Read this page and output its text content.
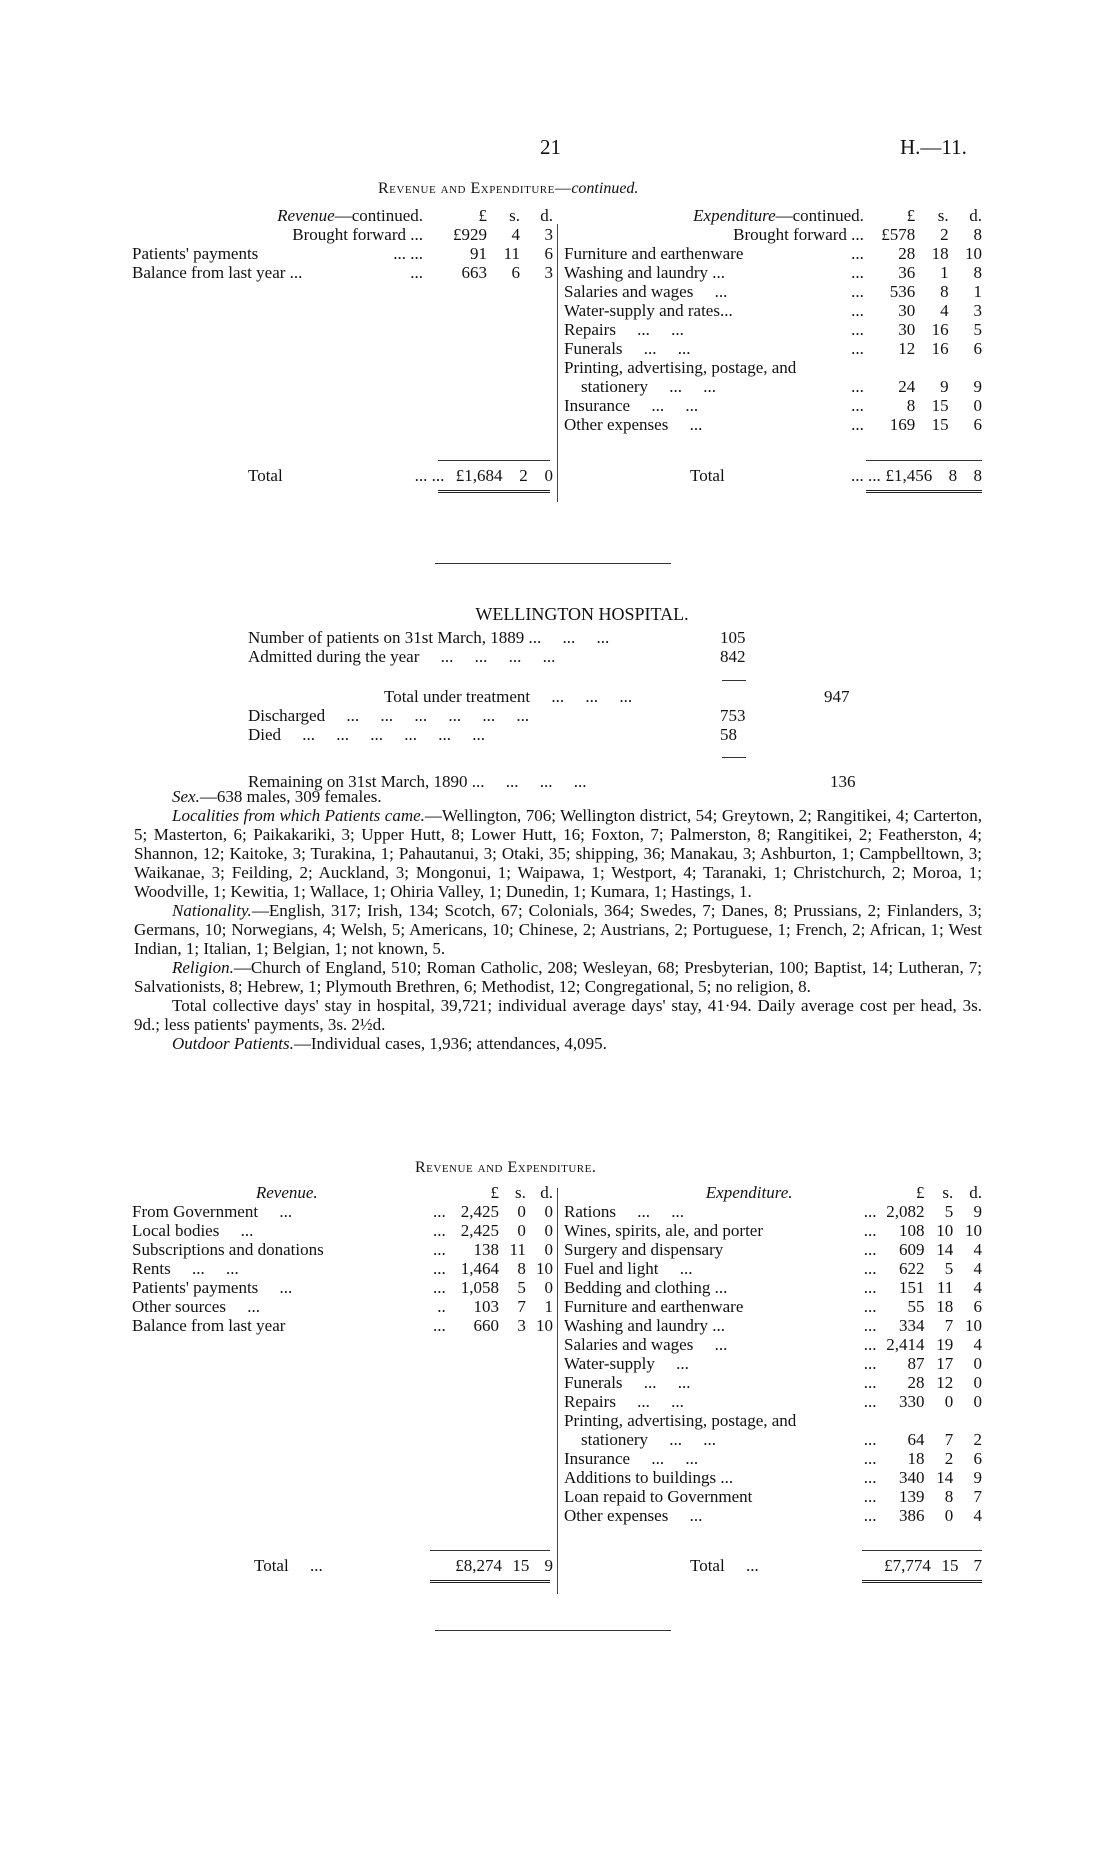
21	H.—11.
Revenue and Expenditure—continued.
Revenue—continued.	£	s.	d.
Brought forward ...	£929	4	3
Patients' payments ... ...	91	11	6
Balance from last year ... ...	663	6	3
Total	... ...	£1,684	2	0
Expenditure—continued.	£	s.	d.
Brought forward ...	£578	2	8
Furniture and earthenware ...	28	18	10
Washing and laundry ... ...	36	1	8
Salaries and wages     ... ...	536	8	1
Water-supply and rates... ...	30	4	3
Repairs     ...     ... ...	30	16	5
Funerals     ...     ... ...	12	16	6
Printing, advertising, postage, and			
stationery     ...     ... ...	24	9	9
Insurance     ...     ... ...	8	15	0
Other expenses     ... ...	169	15	6
Total	... ...	£1,456	8	8
WELLINGTON HOSPITAL.
Number of patients on 31st March, 1889 ...     ...     ...	105
Admitted during the year     ...     ...     ...     ...	842
Total under treatment     ...     ...     ...	947
Discharged     ...     ...     ...     ...     ...     ...	753
Died     ...     ...     ...     ...     ...     ...	58
Remaining on 31st March, 1890 ...     ...     ...     ...	136

Sex.—638 males, 309 females.

Localities from which Patients came.—Wellington, 706; Wellington district, 54; Greytown, 2; Rangitikei, 4; Carterton, 5; Masterton, 6; Paikakariki, 3; Upper Hutt, 8; Lower Hutt, 16; Foxton, 7; Palmerston, 8; Rangitikei, 2; Featherston, 4; Shannon, 12; Kaitoke, 3; Turakina, 1; Pahautanui, 3; Otaki, 35; shipping, 36; Manakau, 3; Ashburton, 1; Campbelltown, 3; Waikanae, 3; Feilding, 2; Auckland, 3; Mongonui, 1; Waipawa, 1; Westport, 4; Taranaki, 1; Christchurch, 2; Moroa, 1; Woodville, 1; Kewitia, 1; Wallace, 1; Ohiria Valley, 1; Dunedin, 1; Kumara, 1; Hastings, 1.

Nationality.—English, 317; Irish, 134; Scotch, 67; Colonials, 364; Swedes, 7; Danes, 8; Prussians, 2; Finlanders, 3; Germans, 10; Norwegians, 4; Welsh, 5; Americans, 10; Chinese, 2; Austrians, 2; Portuguese, 1; French, 2; African, 1; West Indian, 1; Italian, 1; Belgian, 1; not known, 5.

Religion.—Church of England, 510; Roman Catholic, 208; Wesleyan, 68; Presbyterian, 100; Baptist, 14; Lutheran, 7; Salvationists, 8; Hebrew, 1; Plymouth Brethren, 6; Methodist, 12; Congregational, 5; no religion, 8.

Total collective days' stay in hospital, 39,721; individual average days' stay, 41·94. Daily average cost per head, 3s. 9d.; less patients' payments, 3s. 2½d.

Outdoor Patients.—Individual cases, 1,936; attendances, 4,095.

Revenue and Expenditure.
Revenue.	£	s.	d.
From Government     ... ...	2,425	0	0
Local bodies     ... ...	2,425	0	0
Subscriptions and donations ...	138	11	0
Rents     ...     ... ...	1,464	8	10
Patients' payments     ... ...	1,058	5	0
Other sources     ... ..	103	7	1
Balance from last year ...	660	3	10
Total     ...	£8,274	15	9
Expenditure.	£	s.	d.
Rations     ...     ... ...	2,082	5	9
Wines, spirits, ale, and porter ...	108	10	10
Surgery and dispensary ...	609	14	4
Fuel and light     ... ...	622	5	4
Bedding and clothing ... ...	151	11	4
Furniture and earthenware ...	55	18	6
Washing and laundry ... ...	334	7	10
Salaries and wages     ... ...	2,414	19	4
Water-supply     ... ...	87	17	0
Funerals     ...     ... ...	28	12	0
Repairs     ...     ... ...	330	0	0
Printing, advertising, postage, and			
stationery     ...     ... ...	64	7	2
Insurance     ...     ... ...	18	2	6
Additions to buildings ... ...	340	14	9
Loan repaid to Government ...	139	8	7
Other expenses     ... ...	386	0	4
Total     ...	£7,774	15	7
